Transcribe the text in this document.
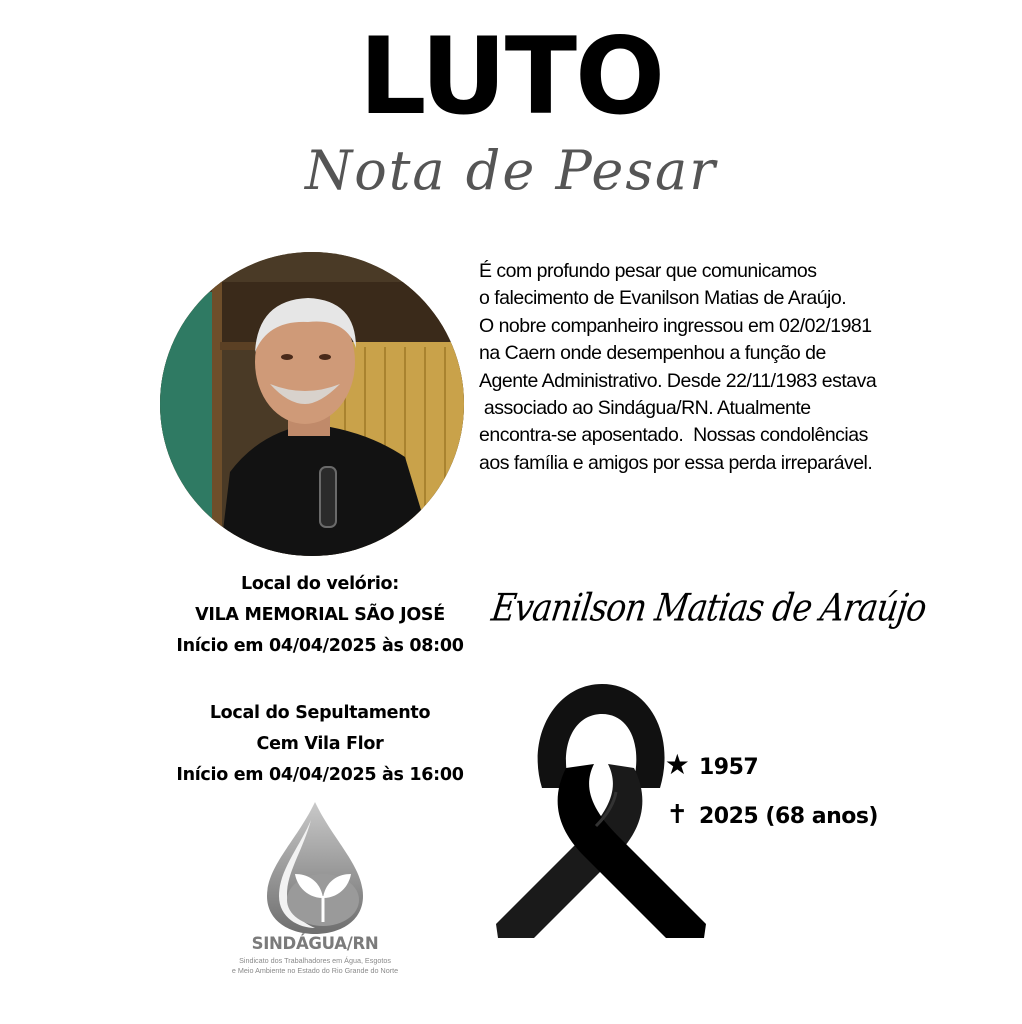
LUTO
Nota de Pesar
É com profundo pesar que comunicamos
o falecimento de Evanilson Matias de Araújo.
O nobre companheiro ingressou em 02/02/1981
na Caern onde desempenhou a função de
Agente Administrativo. Desde 22/11/1983 estava
associado ao Sindágua/RN. Atualmente
encontra-se aposentado.  Nossas condolências
aos família e amigos por essa perda irreparável.
Local do velório:
VILA MEMORIAL SÃO JOSÉ
Início em 04/04/2025 às 08:00
Local do Sepultamento
Cem Vila Flor
Início em 04/04/2025 às 16:00
Evanilson Matias de Araújo
★ 1957
✝ 2025 (68 anos)
SINDÁGUA/RN
Sindicato dos Trabalhadores em Água, Esgotos
e Meio Ambiente no Estado do Rio Grande do Norte
